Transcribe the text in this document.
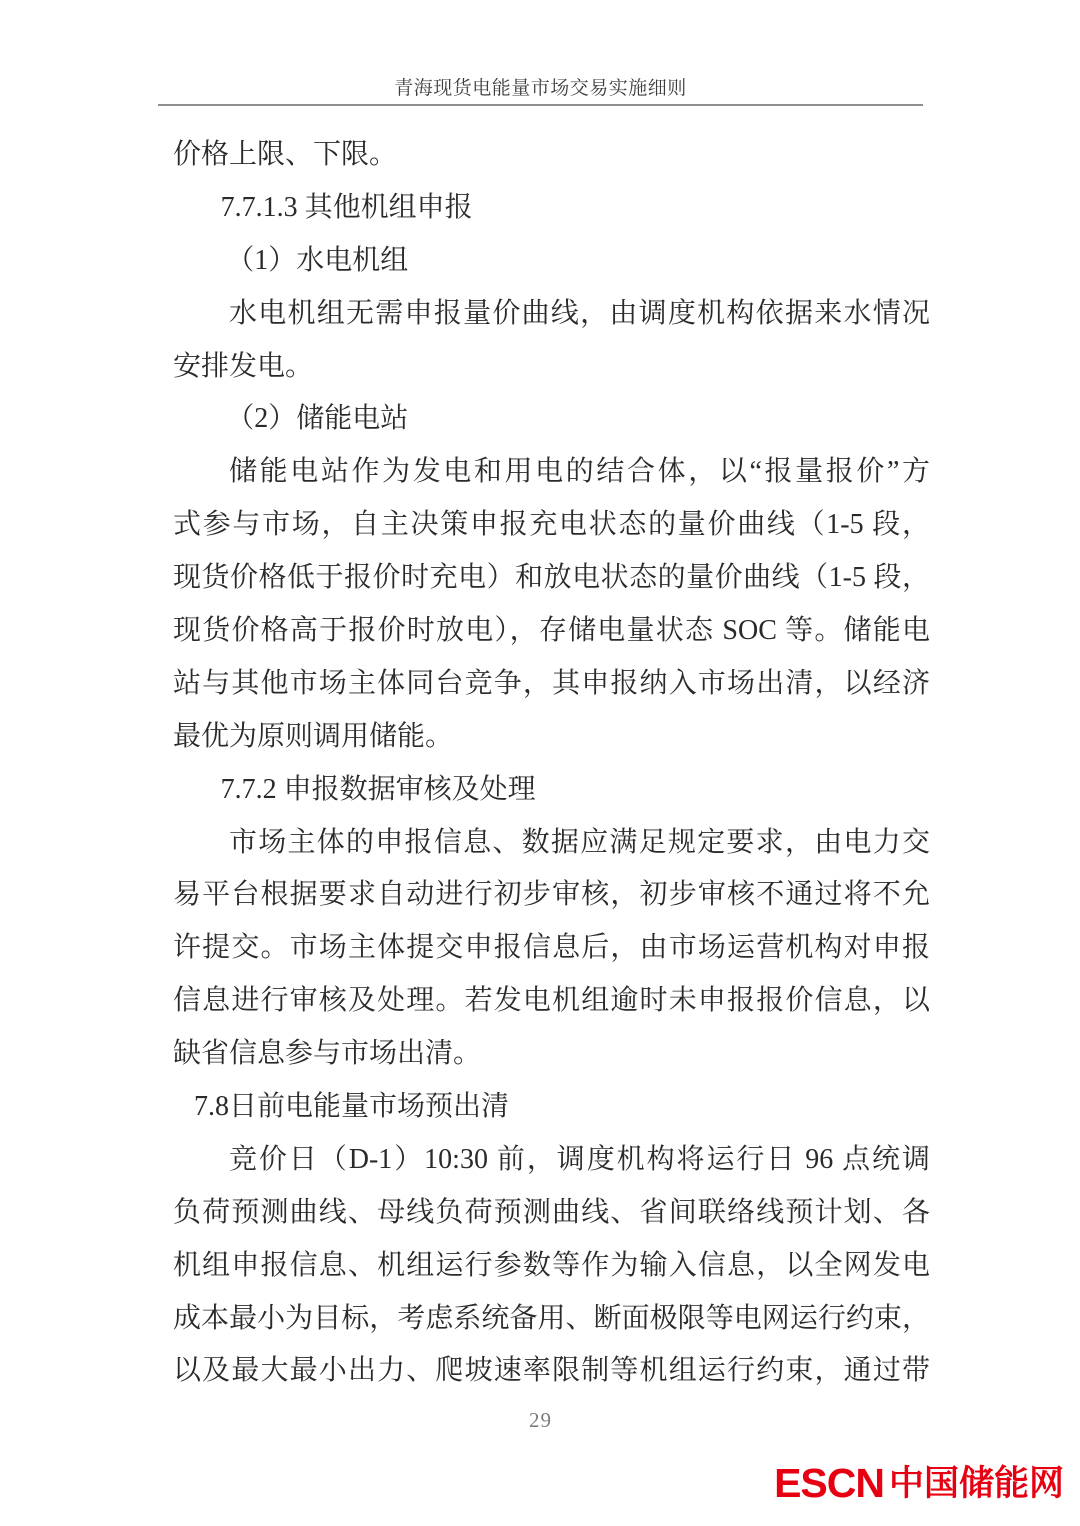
青海现货电能量市场交易实施细则
价格上限、下限。
7.7.1.3 其他机组申报
（1）水电机组
水电机组无需申报量价曲线，由调度机构依据来水情况
安排发电。
（2）储能电站
储能电站作为发电和用电的结合体，以“报量报价”方
式参与市场，自主决策申报充电状态的量价曲线（1-5 段，
现货价格低于报价时充电）和放电状态的量价曲线（1-5 段，
现货价格高于报价时放电），存储电量状态 SOC 等。储能电
站与其他市场主体同台竞争，其申报纳入市场出清，以经济
最优为原则调用储能。
7.7.2 申报数据审核及处理
市场主体的申报信息、数据应满足规定要求，由电力交
易平台根据要求自动进行初步审核，初步审核不通过将不允
许提交。市场主体提交申报信息后，由市场运营机构对申报
信息进行审核及处理。若发电机组逾时未申报报价信息，以
缺省信息参与市场出清。
7.8日前电能量市场预出清
竞价日（D-1）10:30 前，调度机构将运行日 96 点统调
负荷预测曲线、母线负荷预测曲线、省间联络线预计划、各
机组申报信息、机组运行参数等作为输入信息，以全网发电
成本最小为目标，考虑系统备用、断面极限等电网运行约束，
以及最大最小出力、爬坡速率限制等机组运行约束，通过带
29
ESCN 中国储能网
